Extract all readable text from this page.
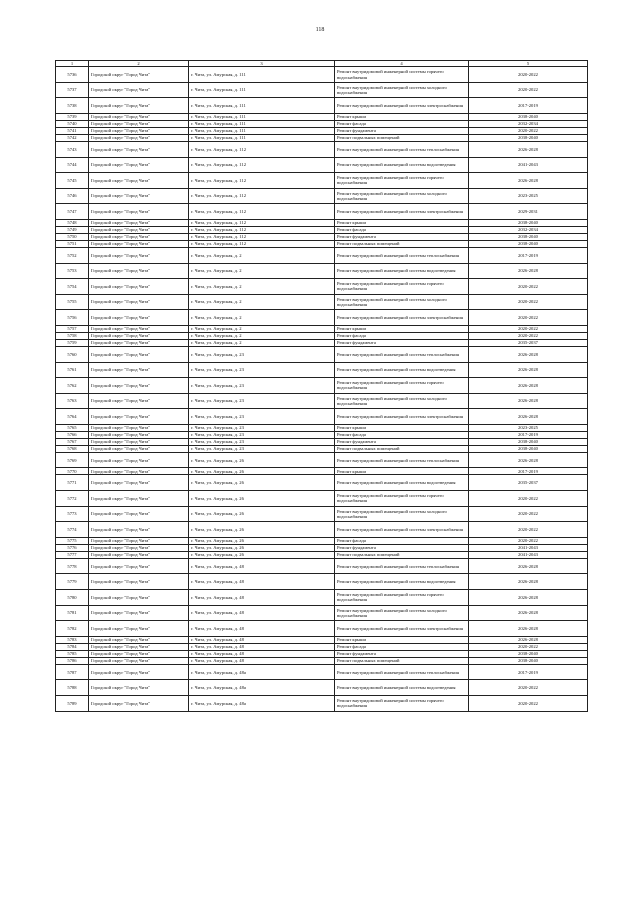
118
1	2	3	4	5
5736	Городской округ "Город Чита"	г. Чита, ул. Амурская, д. 111	Ремонт внутридомовой инженерной системы горячего водоснабжения	2020-2022
5737	Городской округ "Город Чита"	г. Чита, ул. Амурская, д. 111	Ремонт внутридомовой инженерной системы холодного водоснабжения	2020-2022
5738	Городской округ "Город Чита"	г. Чита, ул. Амурская, д. 111	Ремонт внутридомовой инженерной системы электроснабжения	2017-2019
5739	Городской округ "Город Чита"	г. Чита, ул. Амурская, д. 111	Ремонт крыши	2038-2040
5740	Городской округ "Город Чита"	г. Чита, ул. Амурская, д. 111	Ремонт фасада	2032-2034
5741	Городской округ "Город Чита"	г. Чита, ул. Амурская, д. 111	Ремонт фундамента	2020-2022
5742	Городской округ "Город Чита"	г. Чита, ул. Амурская, д. 111	Ремонт подвальных помещений	2038-2040
5743	Городской округ "Город Чита"	г. Чита, ул. Амурская, д. 112	Ремонт внутридомовой инженерной системы теплоснабжения	2026-2028
5744	Городской округ "Город Чита"	г. Чита, ул. Амурская, д. 112	Ремонт внутридомовой инженерной системы водоотведения	2041-2043
5745	Городской округ "Город Чита"	г. Чита, ул. Амурская, д. 112	Ремонт внутридомовой инженерной системы горячего водоснабжения	2026-2028
5746	Городской округ "Город Чита"	г. Чита, ул. Амурская, д. 112	Ремонт внутридомовой инженерной системы холодного водоснабжения	2023-2025
5747	Городской округ "Город Чита"	г. Чита, ул. Амурская, д. 112	Ремонт внутридомовой инженерной системы электроснабжения	2029-2031
5748	Городской округ "Город Чита"	г. Чита, ул. Амурская, д. 112	Ремонт крыши	2038-2040
5749	Городской округ "Город Чита"	г. Чита, ул. Амурская, д. 112	Ремонт фасада	2032-2034
5750	Городской округ "Город Чита"	г. Чита, ул. Амурская, д. 112	Ремонт фундамента	2038-2040
5751	Городской округ "Город Чита"	г. Чита, ул. Амурская, д. 112	Ремонт подвальных помещений	2038-2040
5752	Городской округ "Город Чита"	г. Чита, ул. Амурская, д. 2	Ремонт внутридомовой инженерной системы теплоснабжения	2017-2019
5753	Городской округ "Город Чита"	г. Чита, ул. Амурская, д. 2	Ремонт внутридомовой инженерной системы водоотведения	2026-2028
5754	Городской округ "Город Чита"	г. Чита, ул. Амурская, д. 2	Ремонт внутридомовой инженерной системы горячего водоснабжения	2020-2022
5755	Городской округ "Город Чита"	г. Чита, ул. Амурская, д. 2	Ремонт внутридомовой инженерной системы холодного водоснабжения	2020-2022
5756	Городской округ "Город Чита"	г. Чита, ул. Амурская, д. 2	Ремонт внутридомовой инженерной системы электроснабжения	2020-2022
5757	Городской округ "Город Чита"	г. Чита, ул. Амурская, д. 2	Ремонт крыши	2020-2022
5758	Городской округ "Город Чита"	г. Чита, ул. Амурская, д. 2	Ремонт фасада	2020-2022
5759	Городской округ "Город Чита"	г. Чита, ул. Амурская, д. 2	Ремонт фундамента	2035-2037
5760	Городской округ "Город Чита"	г. Чита, ул. Амурская, д. 23	Ремонт внутридомовой инженерной системы теплоснабжения	2026-2028
5761	Городской округ "Город Чита"	г. Чита, ул. Амурская, д. 23	Ремонт внутридомовой инженерной системы водоотведения	2026-2028
5762	Городской округ "Город Чита"	г. Чита, ул. Амурская, д. 23	Ремонт внутридомовой инженерной системы горячего водоснабжения	2026-2028
5763	Городской округ "Город Чита"	г. Чита, ул. Амурская, д. 23	Ремонт внутридомовой инженерной системы холодного водоснабжения	2026-2028
5764	Городской округ "Город Чита"	г. Чита, ул. Амурская, д. 23	Ремонт внутридомовой инженерной системы электроснабжения	2026-2028
5765	Городской округ "Город Чита"	г. Чита, ул. Амурская, д. 23	Ремонт крыши	2023-2025
5766	Городской округ "Город Чита"	г. Чита, ул. Амурская, д. 23	Ремонт фасада	2017-2019
5767	Городской округ "Город Чита"	г. Чита, ул. Амурская, д. 23	Ремонт фундамента	2038-2040
5768	Городской округ "Город Чита"	г. Чита, ул. Амурская, д. 23	Ремонт подвальных помещений	2038-2040
5769	Городской округ "Город Чита"	г. Чита, ул. Амурская, д. 26	Ремонт внутридомовой инженерной системы теплоснабжения	2026-2028
5770	Городской округ "Город Чита"	г. Чита, ул. Амурская, д. 26	Ремонт крыши	2017-2019
5771	Городской округ "Город Чита"	г. Чита, ул. Амурская, д. 26	Ремонт внутридомовой инженерной системы водоотведения	2035-2037
5772	Городской округ "Город Чита"	г. Чита, ул. Амурская, д. 26	Ремонт внутридомовой инженерной системы горячего водоснабжения	2020-2022
5773	Городской округ "Город Чита"	г. Чита, ул. Амурская, д. 26	Ремонт внутридомовой инженерной системы холодного водоснабжения	2020-2022
5774	Городской округ "Город Чита"	г. Чита, ул. Амурская, д. 26	Ремонт внутридомовой инженерной системы электроснабжения	2020-2022
5775	Городской округ "Город Чита"	г. Чита, ул. Амурская, д. 26	Ремонт фасада	2020-2022
5776	Городской округ "Город Чита"	г. Чита, ул. Амурская, д. 26	Ремонт фундамента	2041-2043
5777	Городской округ "Город Чита"	г. Чита, ул. Амурская, д. 26	Ремонт подвальных помещений	2041-2043
5778	Городской округ "Город Чита"	г. Чита, ул. Амурская, д. 48	Ремонт внутридомовой инженерной системы теплоснабжения	2026-2028
5779	Городской округ "Город Чита"	г. Чита, ул. Амурская, д. 48	Ремонт внутридомовой инженерной системы водоотведения	2026-2028
5780	Городской округ "Город Чита"	г. Чита, ул. Амурская, д. 48	Ремонт внутридомовой инженерной системы горячего водоснабжения	2026-2028
5781	Городской округ "Город Чита"	г. Чита, ул. Амурская, д. 48	Ремонт внутридомовой инженерной системы холодного водоснабжения	2026-2028
5782	Городской округ "Город Чита"	г. Чита, ул. Амурская, д. 48	Ремонт внутридомовой инженерной системы электроснабжения	2026-2028
5783	Городской округ "Город Чита"	г. Чита, ул. Амурская, д. 48	Ремонт крыши	2026-2028
5784	Городской округ "Город Чита"	г. Чита, ул. Амурская, д. 48	Ремонт фасада	2020-2022
5785	Городской округ "Город Чита"	г. Чита, ул. Амурская, д. 48	Ремонт фундамента	2038-2040
5786	Городской округ "Город Чита"	г. Чита, ул. Амурская, д. 48	Ремонт подвальных помещений	2038-2040
5787	Городской округ "Город Чита"	г. Чита, ул. Амурская, д. 48а	Ремонт внутридомовой инженерной системы теплоснабжения	2017-2019
5788	Городской округ "Город Чита"	г. Чита, ул. Амурская, д. 48а	Ремонт внутридомовой инженерной системы водоотведения	2020-2022
5789	Городской округ "Город Чита"	г. Чита, ул. Амурская, д. 48а	Ремонт внутридомовой инженерной системы горячего водоснабжения	2020-2022
